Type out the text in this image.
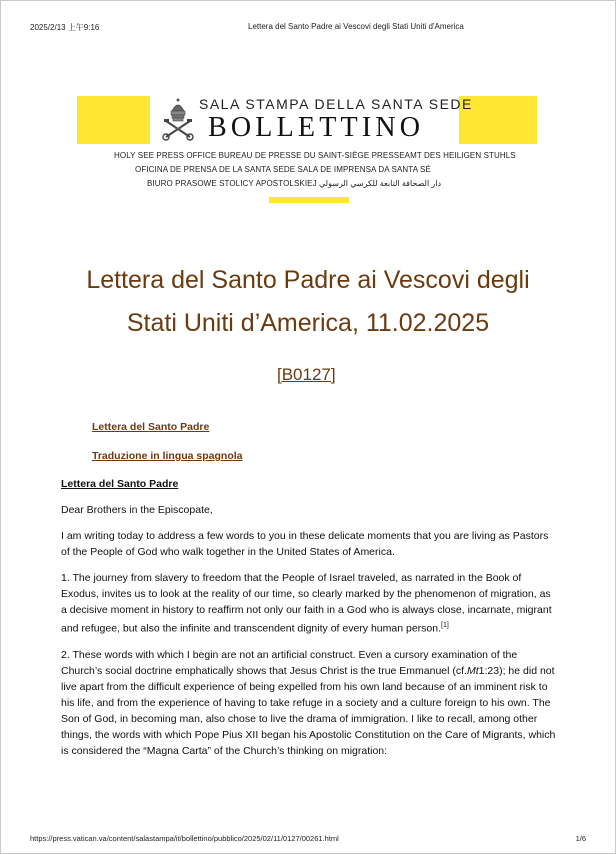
2025/2/13 上午9:16	Lettera del Santo Padre ai Vescovi degli Stati Uniti d'America
SALA STAMPA DELLA SANTA SEDE
BOLLETTINO
HOLY SEE PRESS OFFICE BUREAU DE PRESSE DU SAINT-SIÈGE PRESSEAMT DES HEILIGEN STUHLS
OFICINA DE PRENSA DE LA SANTA SEDE SALA DE IMPRENSA DA SANTA SÉ
BIURO PRASOWE STOLICY APOSTOLSKIEJ دار الصحافة التابعة للكرسي الرسولي
Lettera del Santo Padre ai Vescovi degli
Stati Uniti d’America, 11.02.2025
[B0127]
Lettera del Santo Padre
Traduzione in lingua spagnola

Lettera del Santo Padre

Dear Brothers in the Episcopate,

I am writing today to address a few words to you in these delicate moments that you are living as Pastors of the People of God who walk together in the United States of America.

1. The journey from slavery to freedom that the People of Israel traveled, as narrated in the Book of Exodus, invites us to look at the reality of our time, so clearly marked by the phenomenon of migration, as a decisive moment in history to reaffirm not only our faith in a God who is always close, incarnate, migrant and refugee, but also the infinite and transcendent dignity of every human person.[1]

2. These words with which I begin are not an artificial construct. Even a cursory examination of the Church’s social doctrine emphatically shows that Jesus Christ is the true Emmanuel (cf.Mt1:23); he did not live apart from the difficult experience of being expelled from his own land because of an imminent risk to his life, and from the experience of having to take refuge in a society and a culture foreign to his own. The Son of God, in becoming man, also chose to live the drama of immigration. I like to recall, among other things, the words with which Pope Pius XII began his Apostolic Constitution on the Care of Migrants, which is considered the “Magna Carta” of the Church’s thinking on migration:

https://press.vatican.va/content/salastampa/it/bollettino/pubblico/2025/02/11/0127/00261.html	1/6
